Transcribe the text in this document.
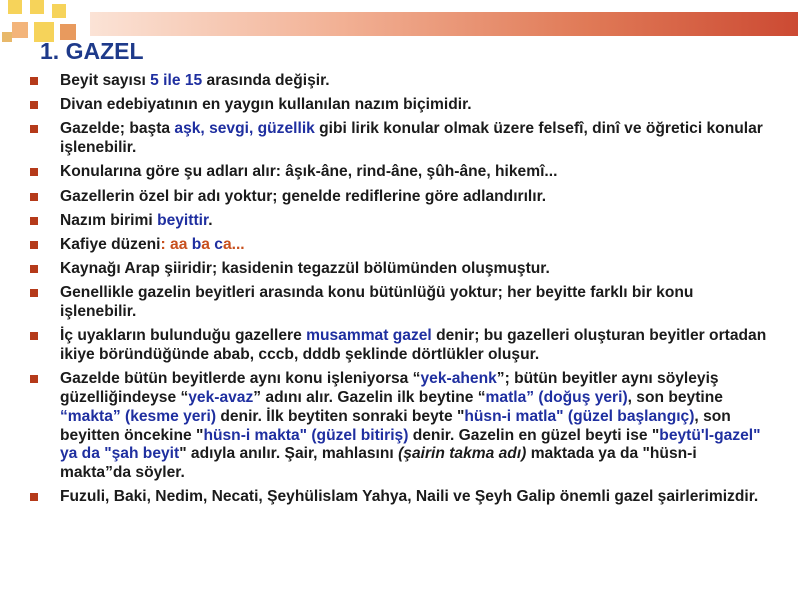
1. GAZEL
Beyit sayısı 5 ile 15 arasında değişir.
Divan edebiyatının en yaygın kullanılan nazım biçimidir.
Gazelde; başta aşk, sevgi, güzellik gibi lirik konular olmak üzere felsefî, dinî ve öğretici konular işlenebilir.
Konularına göre şu adları alır: âşık-âne, rind-âne, şûh-âne, hikemî...
Gazellerin özel bir adı yoktur; genelde rediflerine göre adlandırılır.
Nazım birimi beyittir.
Kafiye düzeni: aa ba ca...
Kaynağı Arap şiiridir; kasidenin tegazzül bölümünden oluşmuştur.
Genellikle gazelin beyitleri arasında konu bütünlüğü yoktur; her beyitte farklı bir konu işlenebilir.
İç uyakların bulunduğu gazellere musammat gazel denir; bu gazelleri oluşturan beyitler ortadan ikiye böründüğünde abab, cccb, dddb şeklinde dörtlükler oluşur.
Gazelde bütün beyitlerde aynı konu işleniyorsa “yek-ahenk”; bütün beyitler aynı söyleyiş güzelliğindeyse “yek-avaz” adını alır. Gazelin ilk beytine “matla” (doğuş yeri), son beytine “makta” (kesme yeri) denir. İlk beytiten sonraki beyte "hüsn-i matla" (güzel başlangıç), son beyitten öncekine "hüsn-i makta" (güzel bitiriş) denir. Gazelin en güzel beyti ise "beytü'l-gazel" ya da "şah beyit" adıyla anılır. Şair, mahlasını (şairin takma adı) maktada ya da "hüsn-i makta”da söyler.
Fuzuli, Baki, Nedim, Necati, Şeyhülislam Yahya, Naili ve Şeyh Galip önemli gazel şairlerimizdir.
